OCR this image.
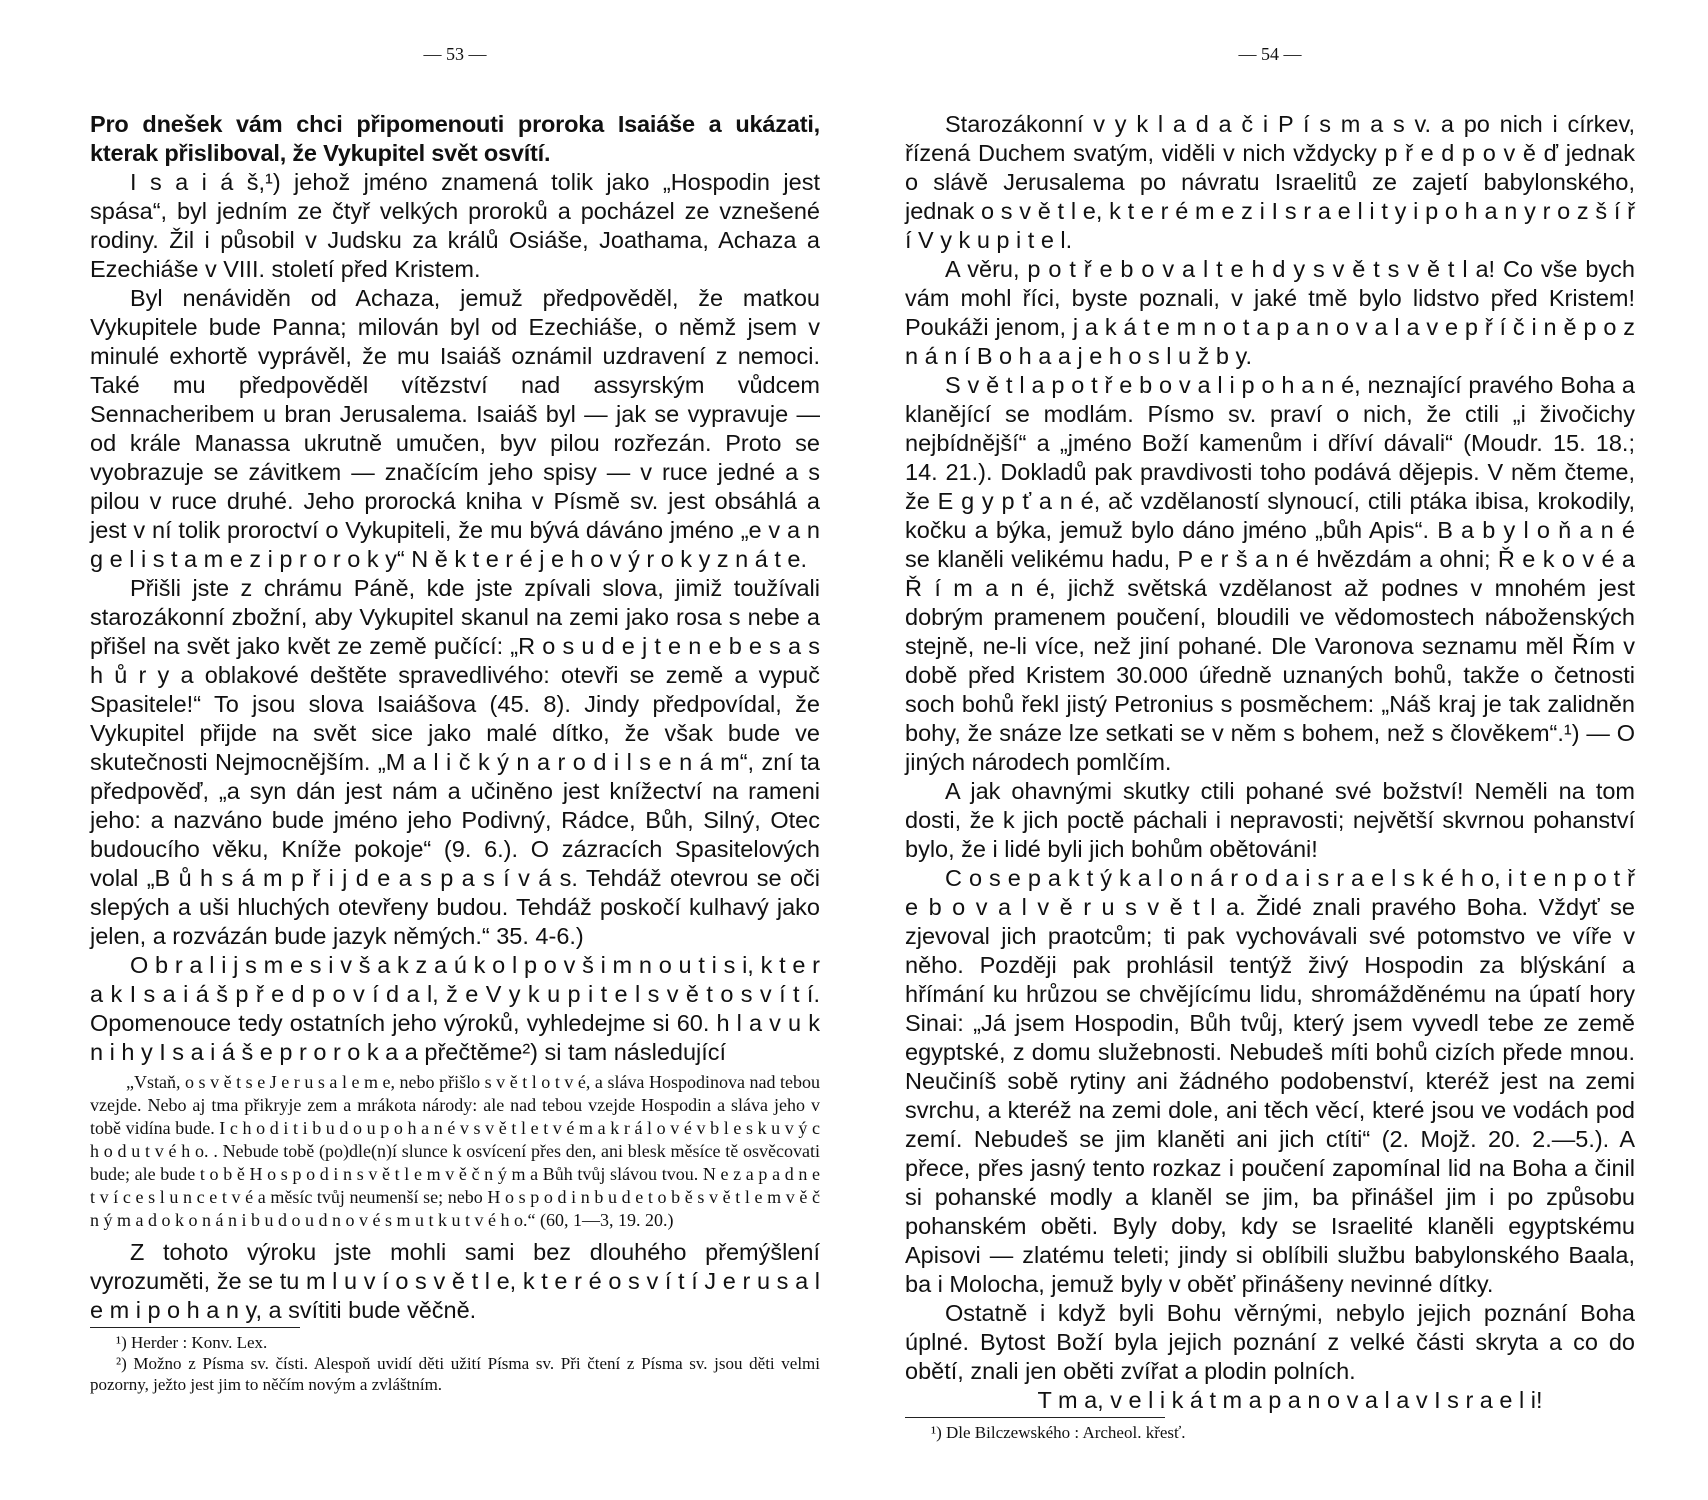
— 53 —

Pro dnešek vám chci připomenouti proroka Isaiáše a ukázati, kterak přisliboval, že Vykupitel svět osvítí.

I s a i á š,¹) jehož jméno znamená tolik jako „Hospodin jest spása“, byl jedním ze čtyř velkých proroků a pocházel ze vznešené rodiny. Žil i působil v Judsku za králů Osiáše, Joathama, Achaza a Ezechiáše v VIII. století před Kristem.

Byl nenáviděn od Achaza, jemuž předpověděl, že matkou Vykupitele bude Panna; milován byl od Ezechiáše, o němž jsem v minulé exhortě vyprávěl, že mu Isaiáš oznámil uzdravení z nemoci. Také mu předpověděl vítězství nad assyrským vůdcem Sennacheribem u bran Jerusalema. Isaiáš byl — jak se vypravuje — od krále Manassa ukrutně umučen, byv pilou rozřezán. Proto se vyobrazuje se závitkem — značícím jeho spisy — v ruce jedné a s pilou v ruce druhé. Jeho prorocká kniha v Písmě sv. jest obsáhlá a jest v ní tolik proroctví o Vykupiteli, že mu bývá dáváno jméno „e v a n g e l i s t a m e z i p r o r o k y“ N ě k t e r é j e h o v ý r o k y z n á t e.

Přišli jste z chrámu Páně, kde jste zpívali slova, jimiž toužívali starozákonní zbožní, aby Vykupitel skanul na zemi jako rosa s nebe a přišel na svět jako květ ze země pučící: „R o s u d e j t e n e b e s a s h ů r y a oblakové deštěte spravedlivého: otevři se země a vypuč Spasitele!“ To jsou slova Isaiášova (45. 8). Jindy předpovídal, že Vykupitel přijde na svět sice jako malé dítko, že však bude ve skutečnosti Nejmocnějším. „M a l i č k ý n a r o d i l s e n á m“, zní ta předpověď, „a syn dán jest nám a učiněno jest knížectví na rameni jeho: a nazváno bude jméno jeho Podivný, Rádce, Bůh, Silný, Otec budoucího věku, Kníže pokoje“ (9. 6.). O zázracích Spasitelových volal „B ů h s á m p ř i j d e a s p a s í v á s. Tehdáž otevrou se oči slepých a uši hluchých otevřeny budou. Tehdáž poskočí kulhavý jako jelen, a rozvázán bude jazyk němých.“ 35. 4-6.)

O b r a l i j s m e s i v š a k z a ú k o l p o v š i m n o u t i s i, k t e r a k I s a i á š p ř e d p o v í d a l, ž e V y k u p i t e l s v ě t o s v í t í. Opomenouce tedy ostatních jeho výroků, vyhledejme si 60. h l a v u k n i h y I s a i á š e p r o r o k a a přečtěme²) si tam následující

„Vstaň, o s v ě t s e J e r u s a l e m e, nebo přišlo s v ě t l o t v é, a sláva Hospodinova nad tebou vzejde. Nebo aj tma přikryje zem a mrákota národy: ale nad tebou vzejde Hospodin a sláva jeho v tobě vidína bude. I c h o d i t i b u d o u p o h a n é v s v ě t l e t v é m a k r á l o v é v b l e s k u v ý c h o d u t v é h o. . Nebude tobě (po)dle(n)í slunce k osvícení přes den, ani blesk měsíce tě osvěcovati bude; ale bude t o b ě H o s p o d i n s v ě t l e m v ě č n ý m a Bůh tvůj slávou tvou. N e z a p a d n e t v í c e s l u n c e t v é a měsíc tvůj neumenší se; nebo H o s p o d i n b u d e t o b ě s v ě t l e m v ě č n ý m a d o k o n á n i b u d o u d n o v é s m u t k u t v é h o.“ (60, 1—3, 19. 20.)

Z tohoto výroku jste mohli sami bez dlouhého přemýšlení vyrozuměti, že se tu m l u v í o s v ě t l e, k t e r é o s v í t í J e r u s a l e m i p o h a n y, a svítiti bude věčně.

¹) Herder : Konv. Lex.

²) Možno z Písma sv. čísti. Alespoň uvidí děti užití Písma sv. Při čtení z Písma sv. jsou děti velmi pozorny, ježto jest jim to něčím novým a zvláštním.

— 54 —

Starozákonní v y k l a d a č i P í s m a s v. a po nich i církev, řízená Duchem svatým, viděli v nich vždycky p ř e d p o v ě ď jednak o slávě Jerusalema po návratu Israelitů ze zajetí babylonského, jednak o s v ě t l e, k t e r é m e z i I s r a e l i t y i p o h a n y r o z š í ř í V y k u p i t e l.

A věru, p o t ř e b o v a l t e h d y s v ě t s v ě t l a! Co vše bych vám mohl říci, byste poznali, v jaké tmě bylo lidstvo před Kristem! Poukáži jenom, j a k á t e m n o t a p a n o v a l a v e p ř í č i n ě p o z n á n í B o h a a j e h o s l u ž b y.

S v ě t l a p o t ř e b o v a l i p o h a n é, neznající pravého Boha a klanějící se modlám. Písmo sv. praví o nich, že ctili „i živočichy nejbídnější“ a „jméno Boží kamenům i dříví dávali“ (Moudr. 15. 18.; 14. 21.). Dokladů pak pravdivosti toho podává dějepis. V něm čteme, že E g y p ť a n é, ač vzdělaností slynoucí, ctili ptáka ibisa, krokodily, kočku a býka, jemuž bylo dáno jméno „bůh Apis“. B a b y l o ň a n é se klaněli velikému hadu, P e r š a n é hvězdám a ohni; Ř e k o v é a Ř í m a n é, jichž světská vzdělanost až podnes v mnohém jest dobrým pramenem poučení, bloudili ve vědomostech náboženských stejně, ne-li více, než jiní pohané. Dle Varonova seznamu měl Řím v době před Kristem 30.000 úředně uznaných bohů, takže o četnosti soch bohů řekl jistý Petronius s posměchem: „Náš kraj je tak zalidněn bohy, že snáze lze setkati se v něm s bohem, než s člověkem“.¹) — O jiných národech pomlčím.

A jak ohavnými skutky ctili pohané své božství! Neměli na tom dosti, že k jich poctě páchali i nepravosti; největší skvrnou pohanství bylo, že i lidé byli jich bohům obětováni!

C o s e p a k t ý k a l o n á r o d a i s r a e l s k é h o, i t e n p o t ř e b o v a l v ě r u s v ě t l a. Židé znali pravého Boha. Vždyť se zjevoval jich praotcům; ti pak vychovávali své potomstvo ve víře v něho. Později pak prohlásil tentýž živý Hospodin za blýskání a hřímání ku hrůzou se chvějícímu lidu, shromážděnému na úpatí hory Sinai: „Já jsem Hospodin, Bůh tvůj, který jsem vyvedl tebe ze země egyptské, z domu služebnosti. Nebudeš míti bohů cizích přede mnou. Neučiníš sobě rytiny ani žádného podobenství, kteréž jest na zemi svrchu, a kteréž na zemi dole, ani těch věcí, které jsou ve vodách pod zemí. Nebudeš se jim klaněti ani jich ctíti“ (2. Mojž. 20. 2.—5.). A přece, přes jasný tento rozkaz i poučení zapomínal lid na Boha a činil si pohanské modly a klaněl se jim, ba přinášel jim i po způsobu pohanském oběti. Byly doby, kdy se Israelité klaněli egyptskému Apisovi — zlatému teleti; jindy si oblíbili službu babylonského Baala, ba i Molocha, jemuž byly v oběť přinášeny nevinné dítky.

Ostatně i když byli Bohu věrnými, nebylo jejich poznání Boha úplné. Bytost Boží byla jejich poznání z velké části skryta a co do obětí, znali jen oběti zvířat a plodin polních.

T m a, v e l i k á t m a p a n o v a l a v I s r a e l i!

¹) Dle Bilczewského : Archeol. křesť.
